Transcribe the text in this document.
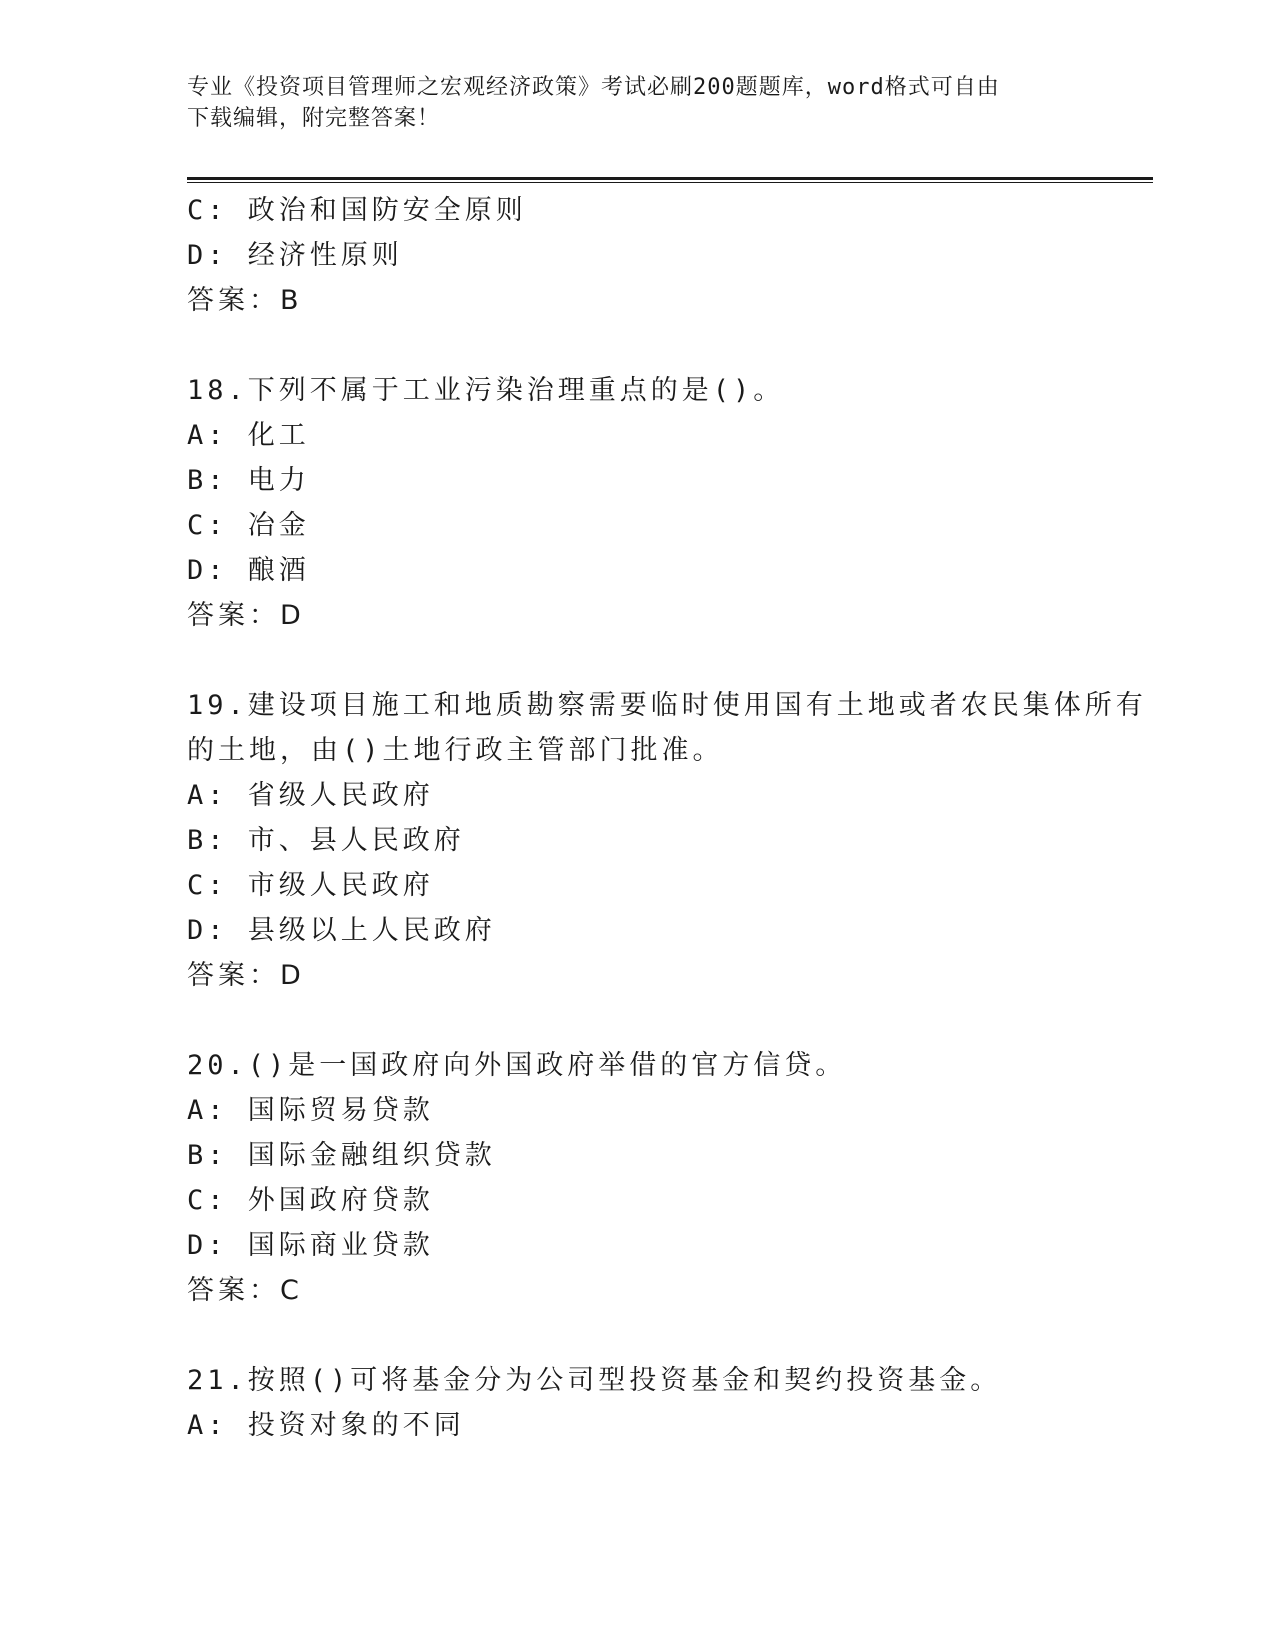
专业《投资项目管理师之宏观经济政策》考试必刷200题题库，word格式可自由
下载编辑，附完整答案！
C: 政治和国防安全原则
D: 经济性原则
答案：B
18.下列不属于工业污染治理重点的是()。
A: 化工
B: 电力
C: 冶金
D: 酿酒
答案：D
19.建设项目施工和地质勘察需要临时使用国有土地或者农民集体所有
的土地，由()土地行政主管部门批准。
A: 省级人民政府
B: 市、县人民政府
C: 市级人民政府
D: 县级以上人民政府
答案：D
20.()是一国政府向外国政府举借的官方信贷。
A: 国际贸易贷款
B: 国际金融组织贷款
C: 外国政府贷款
D: 国际商业贷款
答案：C
21.按照()可将基金分为公司型投资基金和契约投资基金。
A: 投资对象的不同
